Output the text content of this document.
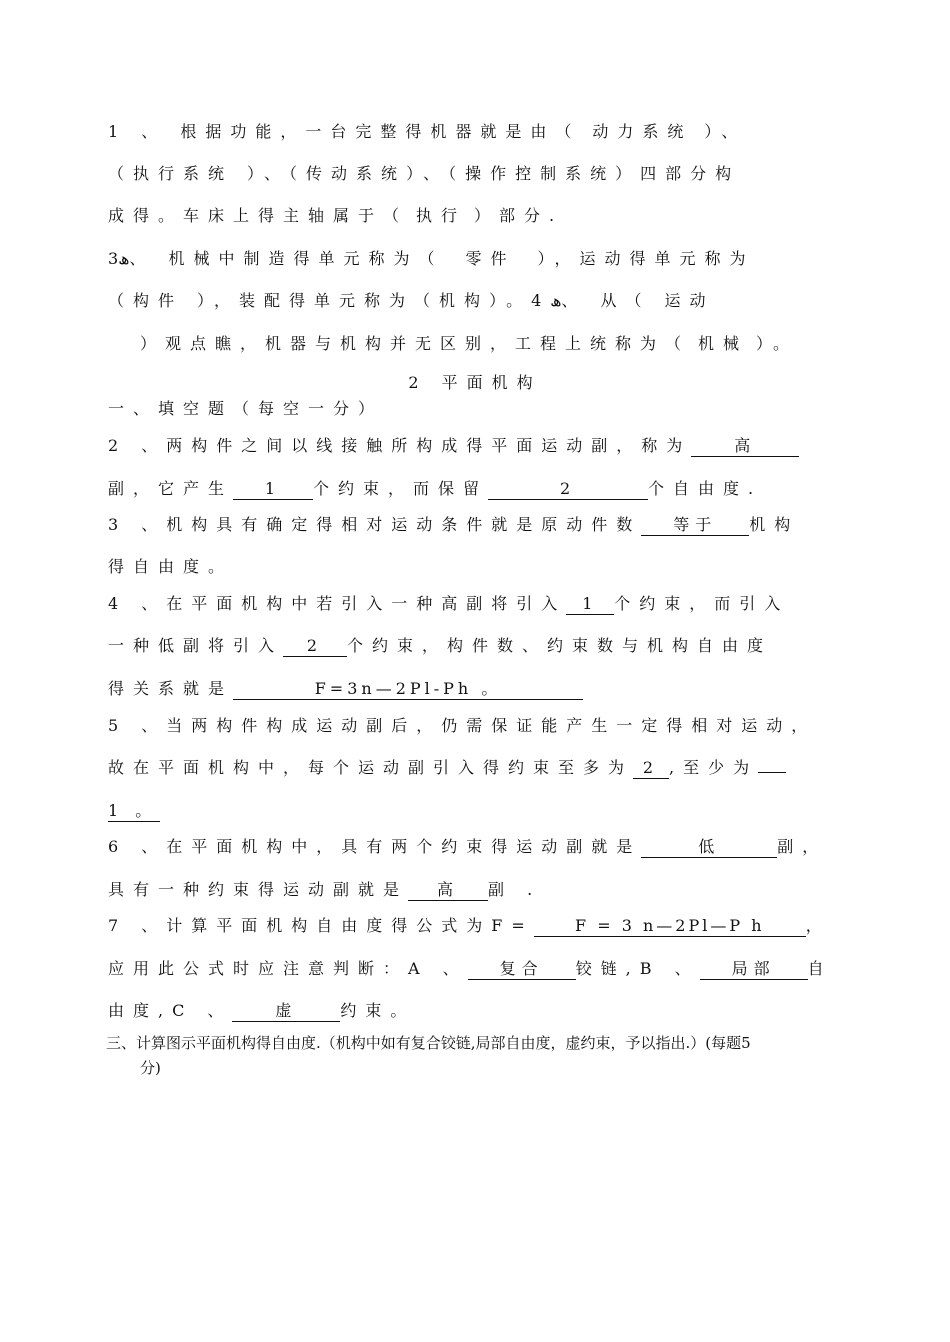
1 、 根据功能，一台完整得机器就是由（ 动力系统 ）、
（执行系统 ）、（传动系统）、（操作控制系统）四部分构
成得。车床上得主轴属于（ 执行 ）部分.
3ھ、 机械中制造得单元称为（ 零件 ），运动得单元称为
（构件 ），装配得单元称为（机构）。4ھ、 从（ 运动
）观点瞧，机器与机构并无区别，工程上统称为（ 机械 ）。
2 平面机构
一、填空题（每空一分）
2 、两构件之间以线接触所构成得平面运动副，称为	高
副，它产生 1 个约束，而保留	2	个自由度.
3 、机构具有确定得相对运动条件就是原动件数 等于 机构
得自由度。
4 、在平面机构中若引入一种高副将引入 1 个约束，而引入
一种低副将引入 2 个约束，构件数、约束数与机构自由度
得关系就是	F=3n—2Pl-Ph 。
5 、当两构件构成运动副后，仍需保证能产生一定得相对运动，
故在平面机构中，每个运动副引入得约束至多为 2 ,至少为
1 。
6 、在平面机构中，具有两个约束得运动副就是	低	副，
具有一种约束得运动副就是 高 副 .
7 、计算平面机构自由度得公式为F=	F = 3 n—2Pl—P h	，
应用此公式时应注意判断：A 、 复合 铰链,B 、 局部 自
由度,C 、	虚	约束。
三、计算图示平面机构得自由度.（机构中如有复合铰链,局部自由度，虚约束，予以指出.）(每题5
分)
